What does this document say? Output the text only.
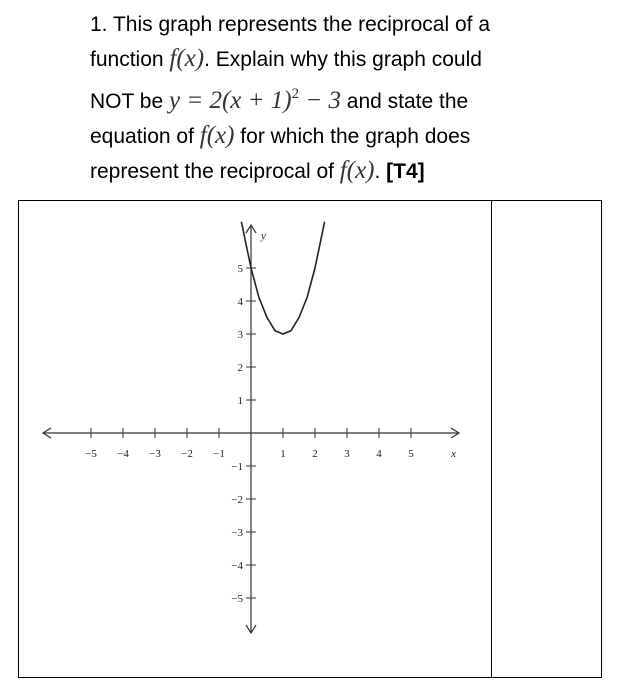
1. This graph represents the reciprocal of a
function f(x). Explain why this graph could
NOT be $y = 2(x + 1)^2 - 3$ and state the
equation of f(x) for which the graph does
represent the reciprocal of f(x). [T4]
x
y
−5 −4 −3 −2 −1	1 2 3 4 5
−5
−4
−3
−2
−1
1
2
3
4
5
